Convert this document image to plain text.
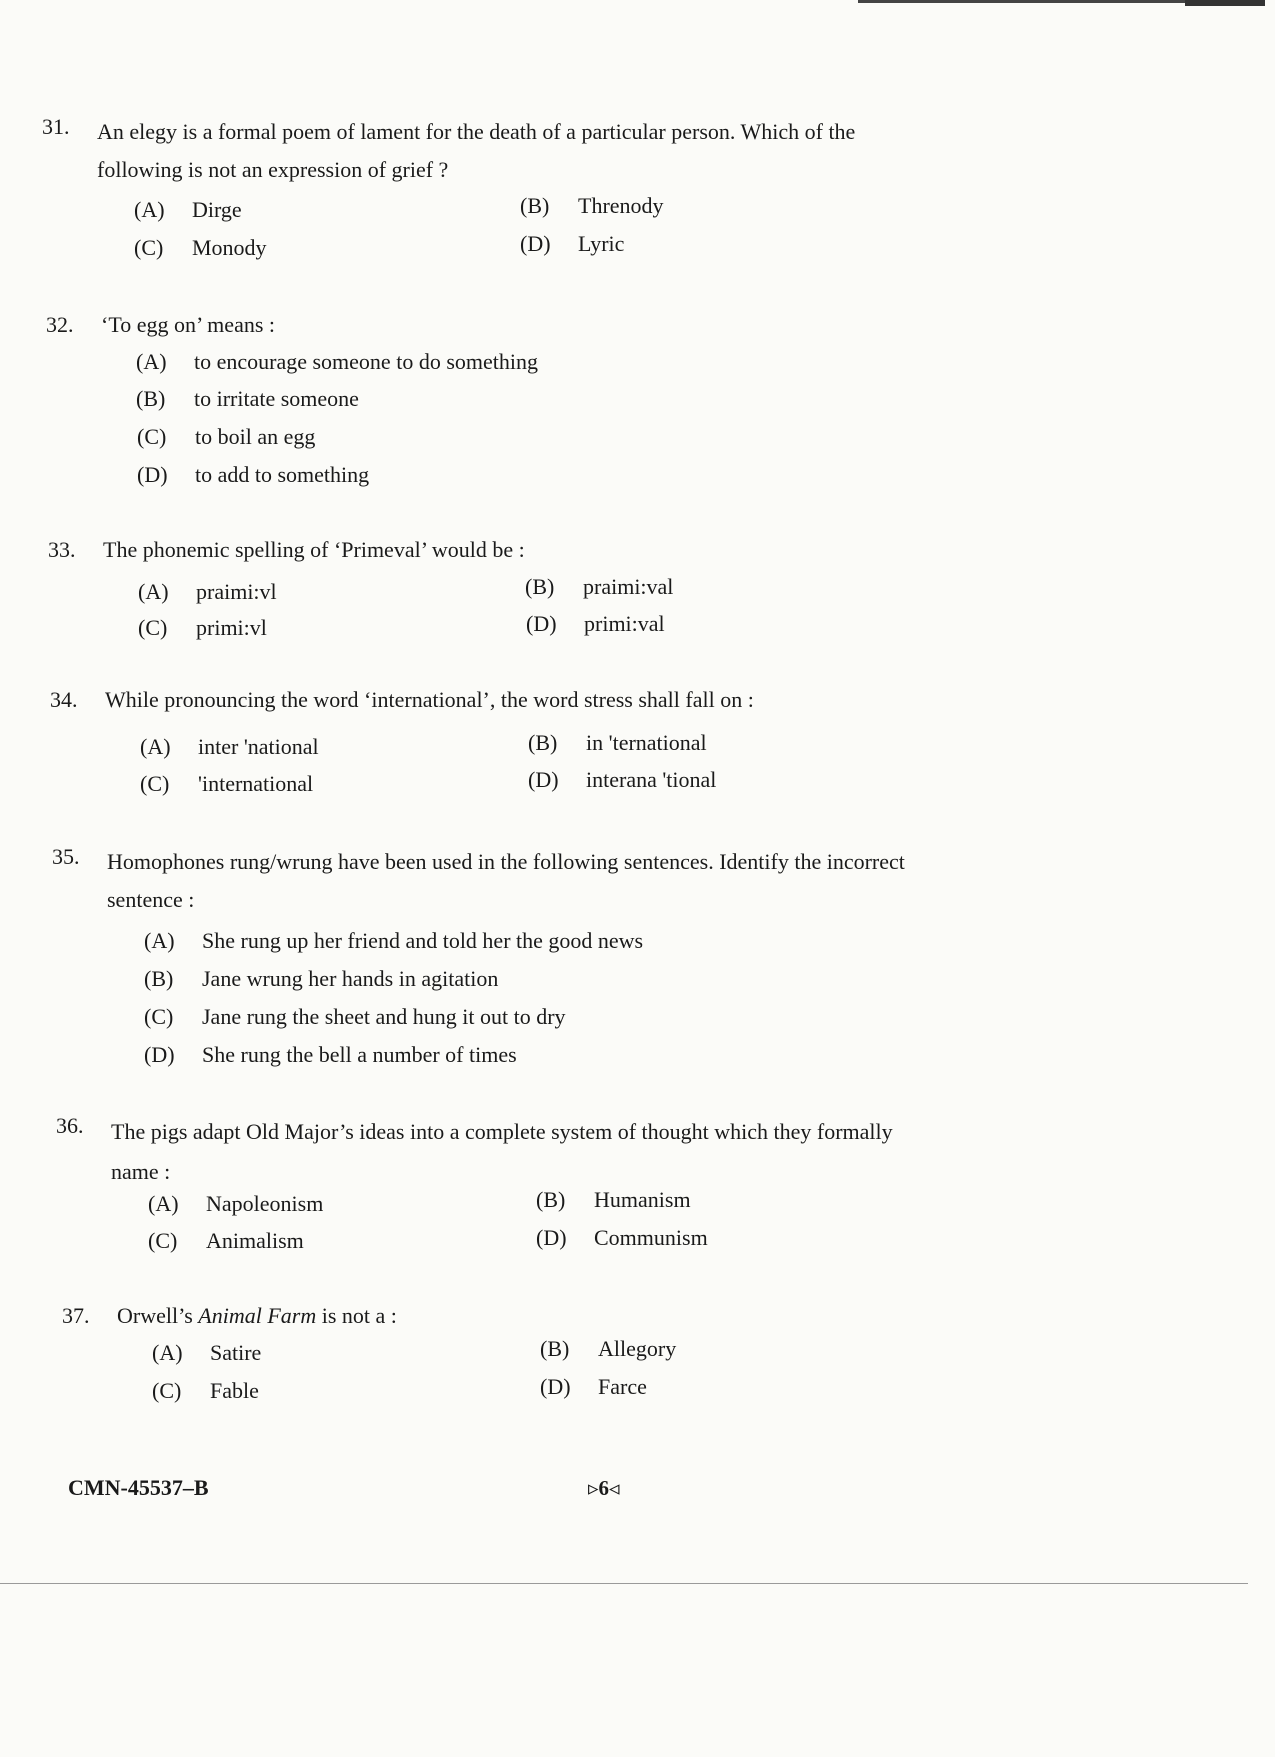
31.	An elegy is a formal poem of lament for the death of a particular person. Which of the following is not an expression of grief ?
(A) Dirge	(B) Threnody
(C) Monody	(D) Lyric
32.	‘To egg on’ means :
(A) to encourage someone to do something
(B) to irritate someone
(C) to boil an egg
(D) to add to something
33.	The phonemic spelling of ‘Primeval’ would be :
(A) praimi:vl	(B) praimi:val
(C) primi:vl	(D) primi:val
34.	While pronouncing the word ‘international’, the word stress shall fall on :
(A) inter 'national	(B) in 'ternational
(C) 'international	(D) interana 'tional
35.	Homophones rung/wrung have been used in the following sentences. Identify the incorrect sentence :
(A) She rung up her friend and told her the good news
(B) Jane wrung her hands in agitation
(C) Jane rung the sheet and hung it out to dry
(D) She rung the bell a number of times
36.	The pigs adapt Old Major’s ideas into a complete system of thought which they formally name :
(A) Napoleonism	(B) Humanism
(C) Animalism	(D) Communism
37.	Orwell’s Animal Farm is not a :
(A) Satire	(B) Allegory
(C) Fable	(D) Farce
CMN-45537–B	▹6◃
